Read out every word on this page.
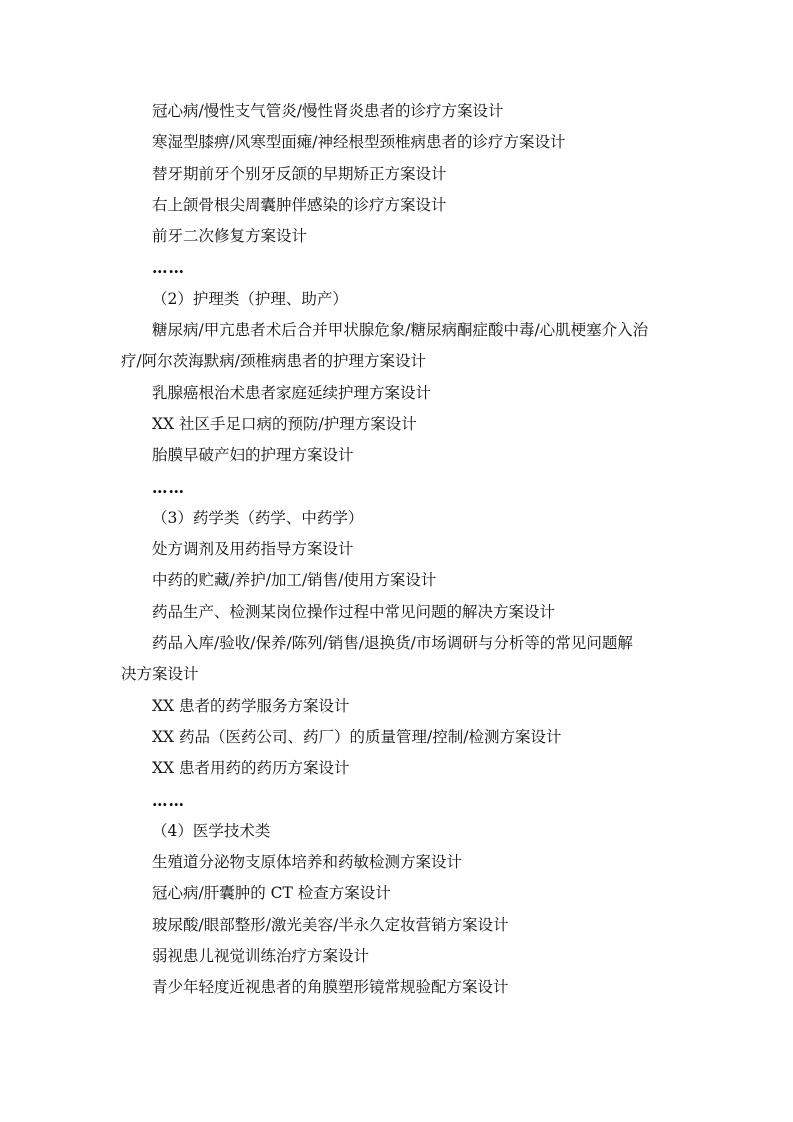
冠心病/慢性支气管炎/慢性肾炎患者的诊疗方案设计

寒湿型膝痹/风寒型面瘫/神经根型颈椎病患者的诊疗方案设计

替牙期前牙个别牙反颌的早期矫正方案设计

右上颌骨根尖周囊肿伴感染的诊疗方案设计

前牙二次修复方案设计

……

（2）护理类（护理、助产）

糖尿病/甲亢患者术后合并甲状腺危象/糖尿病酮症酸中毒/心肌梗塞介入治

疗/阿尔茨海默病/颈椎病患者的护理方案设计

乳腺癌根治术患者家庭延续护理方案设计

XX 社区手足口病的预防/护理方案设计

胎膜早破产妇的护理方案设计

……

（3）药学类（药学、中药学）

处方调剂及用药指导方案设计

中药的贮藏/养护/加工/销售/使用方案设计

药品生产、检测某岗位操作过程中常见问题的解决方案设计

药品入库/验收/保养/陈列/销售/退换货/市场调研与分析等的常见问题解

决方案设计

XX 患者的药学服务方案设计

XX 药品（医药公司、药厂）的质量管理/控制/检测方案设计

XX 患者用药的药历方案设计

……

（4）医学技术类

生殖道分泌物支原体培养和药敏检测方案设计

冠心病/肝囊肿的 CT 检查方案设计

玻尿酸/眼部整形/激光美容/半永久定妆营销方案设计

弱视患儿视觉训练治疗方案设计

青少年轻度近视患者的角膜塑形镜常规验配方案设计
